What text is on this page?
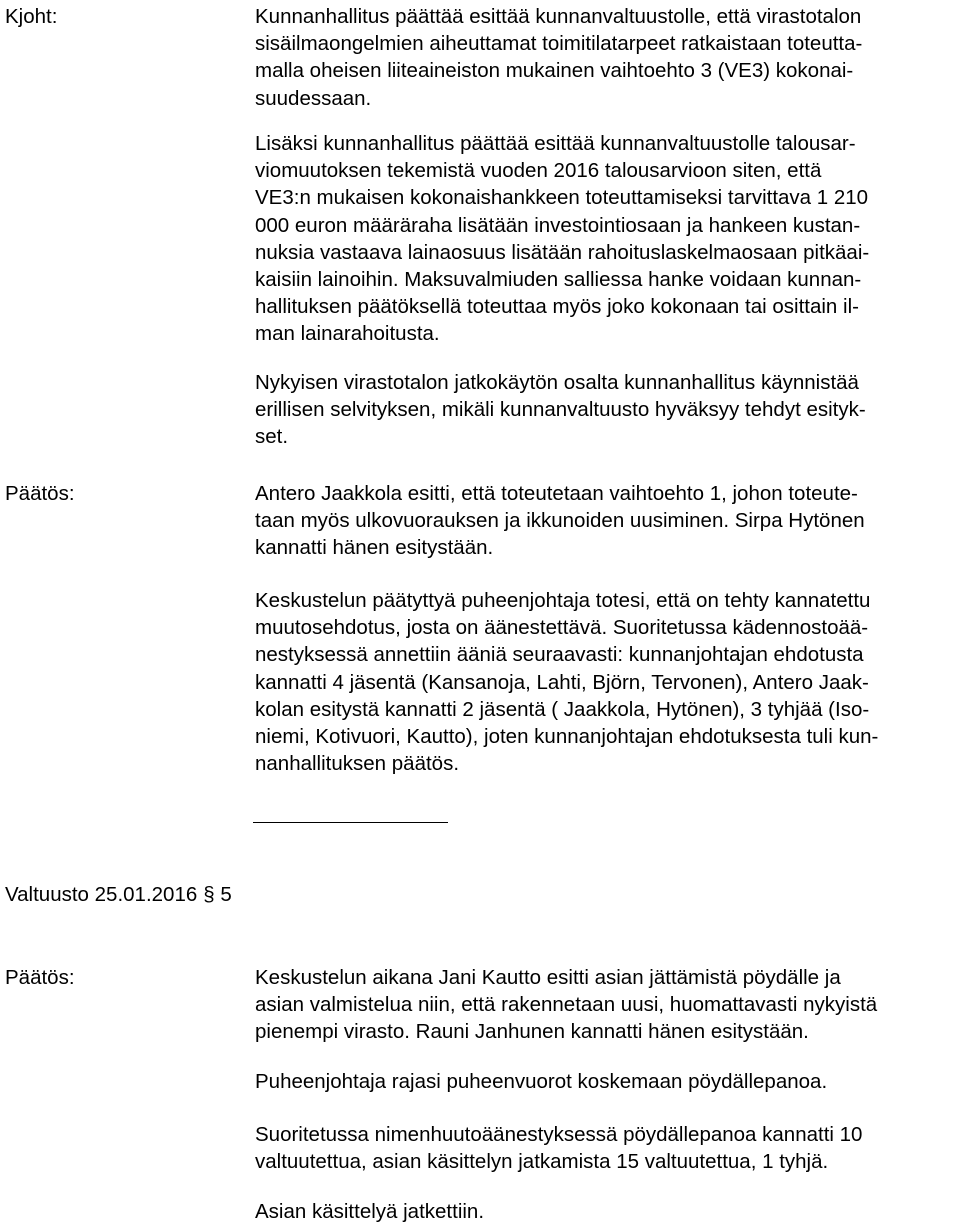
Kjoht:	Kunnanhallitus päättää esittää kunnanvaltuustolle, että virastotalon
sisäilmaongelmien aiheuttamat toimitilatarpeet ratkaistaan toteutta-
malla oheisen liiteaineiston mukainen vaihtoehto 3 (VE3) kokonai-
suudessaan.

Lisäksi kunnanhallitus päättää esittää kunnanvaltuustolle talousar-
viomuutoksen tekemistä vuoden 2016 talousarvioon siten, että
VE3:n mukaisen kokonaishankkeen toteuttamiseksi tarvittava 1 210
000 euron määräraha lisätään investointiosaan ja hankeen kustan-
nuksia vastaava lainaosuus lisätään rahoituslaskelmaosaan pitkäai-
kaisiin lainoihin. Maksuvalmiuden salliessa hanke voidaan kunnan-
hallituksen päätöksellä toteuttaa myös joko kokonaan tai osittain il-
man lainarahoitusta.

Nykyisen virastotalon jatkokäytön osalta kunnanhallitus käynnistää
erillisen selvityksen, mikäli kunnanvaltuusto hyväksyy tehdyt esityk-
set.

Päätös:	Antero Jaakkola esitti, että toteutetaan vaihtoehto 1, johon toteute-
taan myös ulkovuorauksen ja ikkunoiden uusiminen. Sirpa Hytönen
kannatti hänen esitystään.

Keskustelun päätyttyä puheenjohtaja totesi, että on tehty kannatettu
muutosehdotus, josta on äänestettävä. Suoritetussa kädennostoää-
nestyksessä annettiin ääniä seuraavasti: kunnanjohtajan ehdotusta
kannatti 4 jäsentä (Kansanoja, Lahti, Björn, Tervonen), Antero Jaak-
kolan esitystä kannatti 2 jäsentä ( Jaakkola, Hytönen), 3 tyhjää (Iso-
niemi, Kotivuori, Kautto), joten kunnanjohtajan ehdotuksesta tuli kun-
nanhallituksen päätös.

Valtuusto 25.01.2016 § 5
Päätös:	Keskustelun aikana Jani Kautto esitti asian jättämistä pöydälle ja
asian valmistelua niin, että rakennetaan uusi, huomattavasti nykyistä
pienempi virasto. Rauni Janhunen kannatti hänen esitystään.

Puheenjohtaja rajasi puheenvuorot koskemaan pöydällepanoa.

Suoritetussa nimenhuutoäänestyksessä pöydällepanoa kannatti 10
valtuutettua, asian käsittelyn jatkamista 15 valtuutettua, 1 tyhjä.

Asian käsittelyä jatkettiin.
